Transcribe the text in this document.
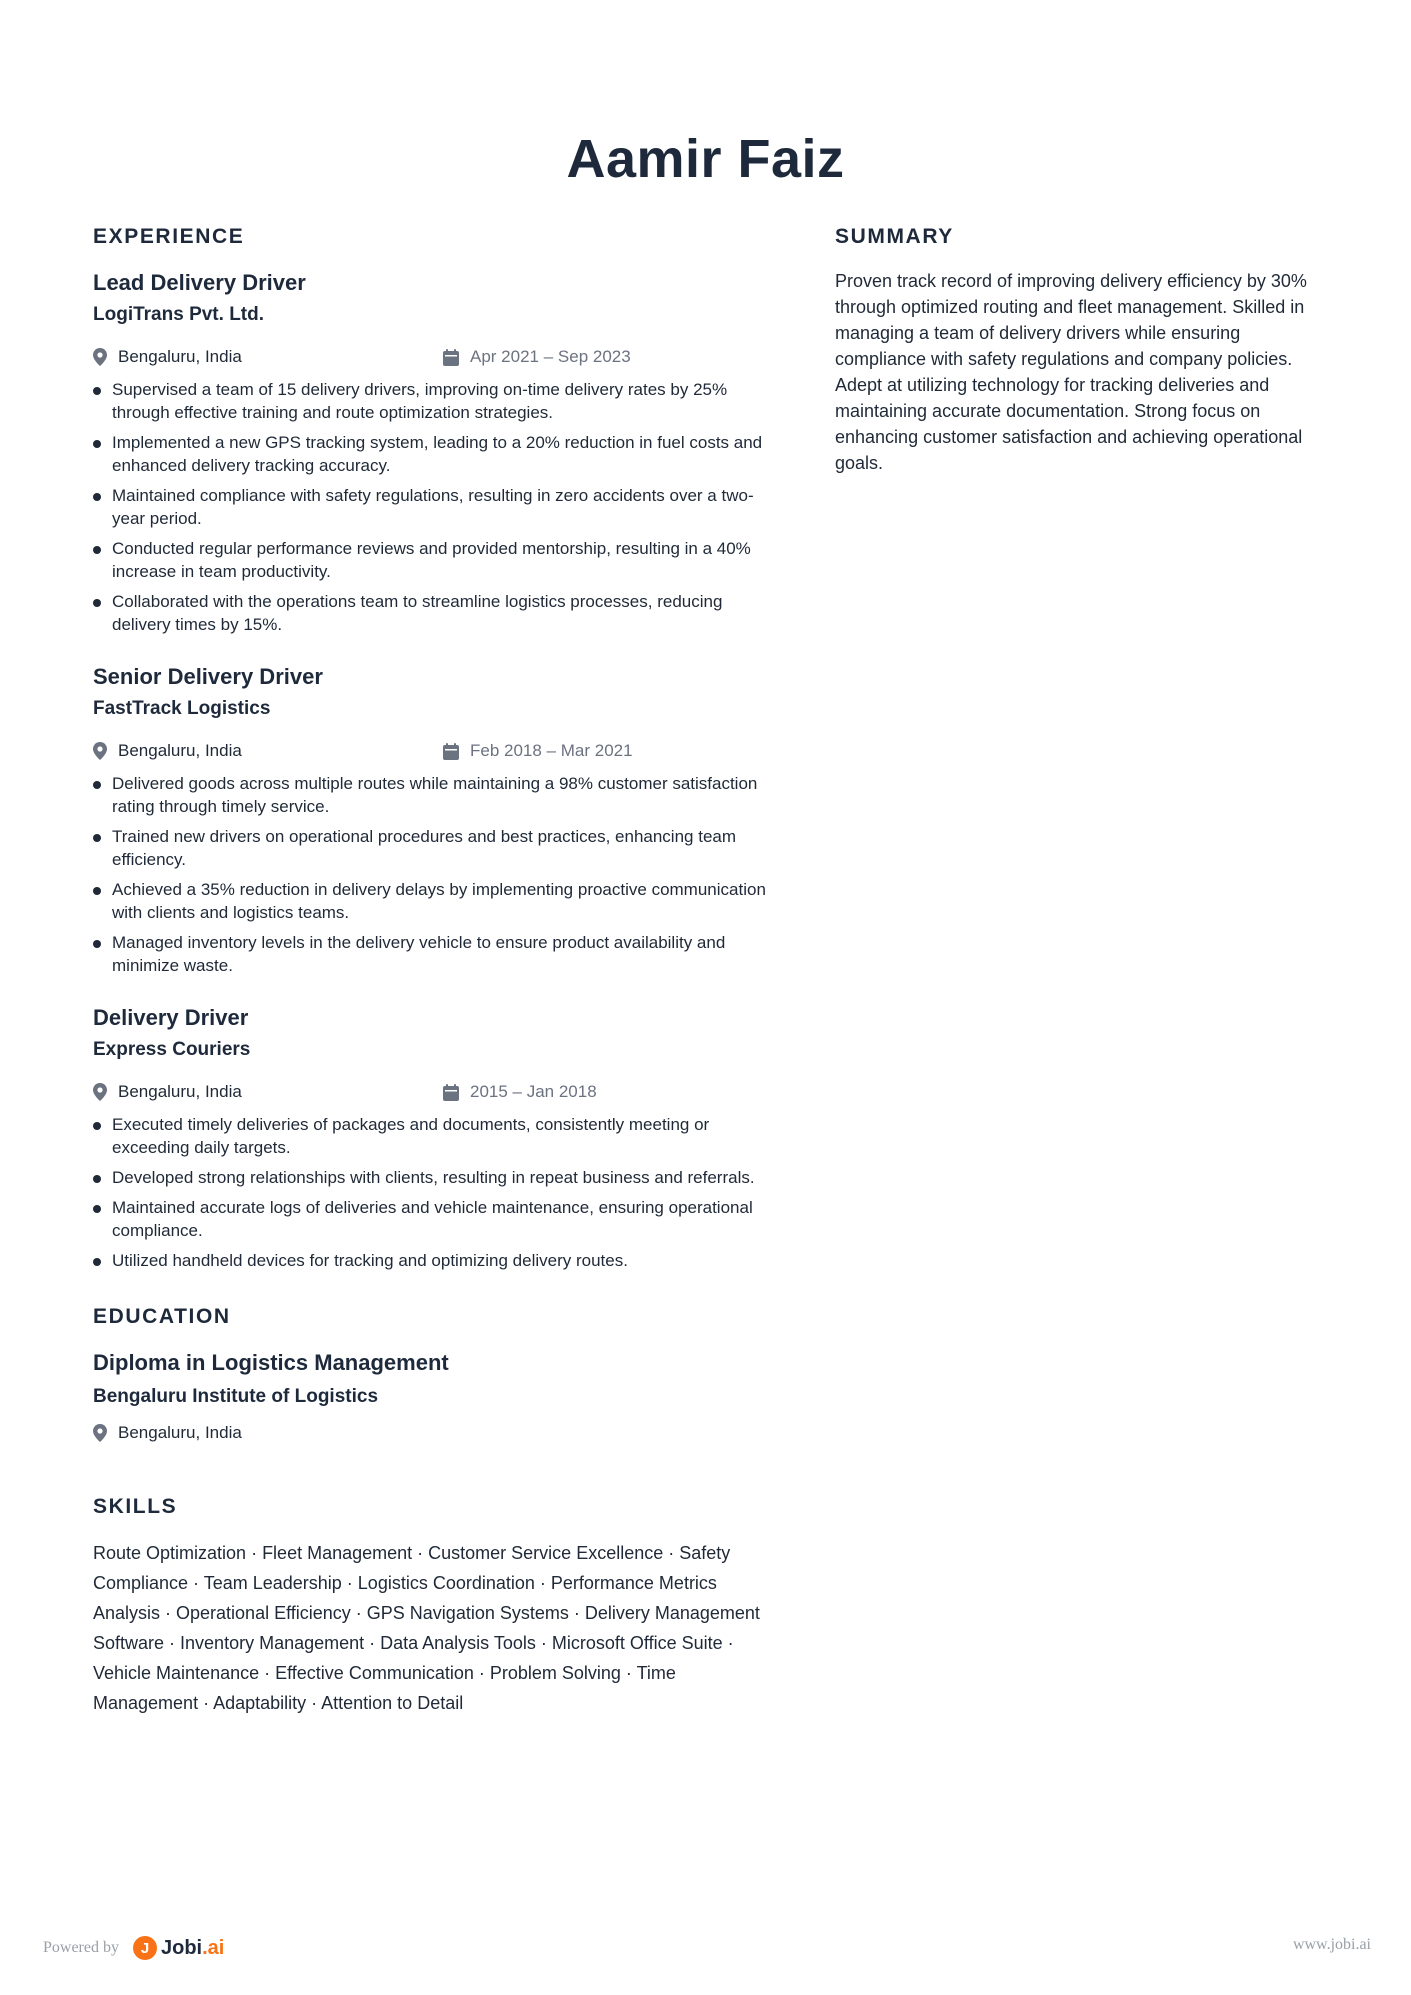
Aamir Faiz
EXPERIENCE
Lead Delivery Driver
LogiTrans Pvt. Ltd.
Bengaluru, India	Apr 2021 – Sep 2023
Supervised a team of 15 delivery drivers, improving on-time delivery rates by 25% through effective training and route optimization strategies.
Implemented a new GPS tracking system, leading to a 20% reduction in fuel costs and enhanced delivery tracking accuracy.
Maintained compliance with safety regulations, resulting in zero accidents over a two-year period.
Conducted regular performance reviews and provided mentorship, resulting in a 40% increase in team productivity.
Collaborated with the operations team to streamline logistics processes, reducing delivery times by 15%.
Senior Delivery Driver
FastTrack Logistics
Bengaluru, India	Feb 2018 – Mar 2021
Delivered goods across multiple routes while maintaining a 98% customer satisfaction rating through timely service.
Trained new drivers on operational procedures and best practices, enhancing team efficiency.
Achieved a 35% reduction in delivery delays by implementing proactive communication with clients and logistics teams.
Managed inventory levels in the delivery vehicle to ensure product availability and minimize waste.
Delivery Driver
Express Couriers
Bengaluru, India	2015 – Jan 2018
Executed timely deliveries of packages and documents, consistently meeting or exceeding daily targets.
Developed strong relationships with clients, resulting in repeat business and referrals.
Maintained accurate logs of deliveries and vehicle maintenance, ensuring operational compliance.
Utilized handheld devices for tracking and optimizing delivery routes.
EDUCATION
Diploma in Logistics Management
Bengaluru Institute of Logistics
Bengaluru, India
SKILLS

Route Optimization · Fleet Management · Customer Service Excellence · Safety Compliance · Team Leadership · Logistics Coordination · Performance Metrics Analysis · Operational Efficiency · GPS Navigation Systems · Delivery Management Software · Inventory Management · Data Analysis Tools · Microsoft Office Suite · Vehicle Maintenance · Effective Communication · Problem Solving · Time Management · Adaptability · Attention to Detail

SUMMARY

Proven track record of improving delivery efficiency by 30% through optimized routing and fleet management. Skilled in managing a team of delivery drivers while ensuring compliance with safety regulations and company policies. Adept at utilizing technology for tracking deliveries and maintaining accurate documentation. Strong focus on enhancing customer satisfaction and achieving operational goals.

Powered by	J Jobi.ai	www.jobi.ai
